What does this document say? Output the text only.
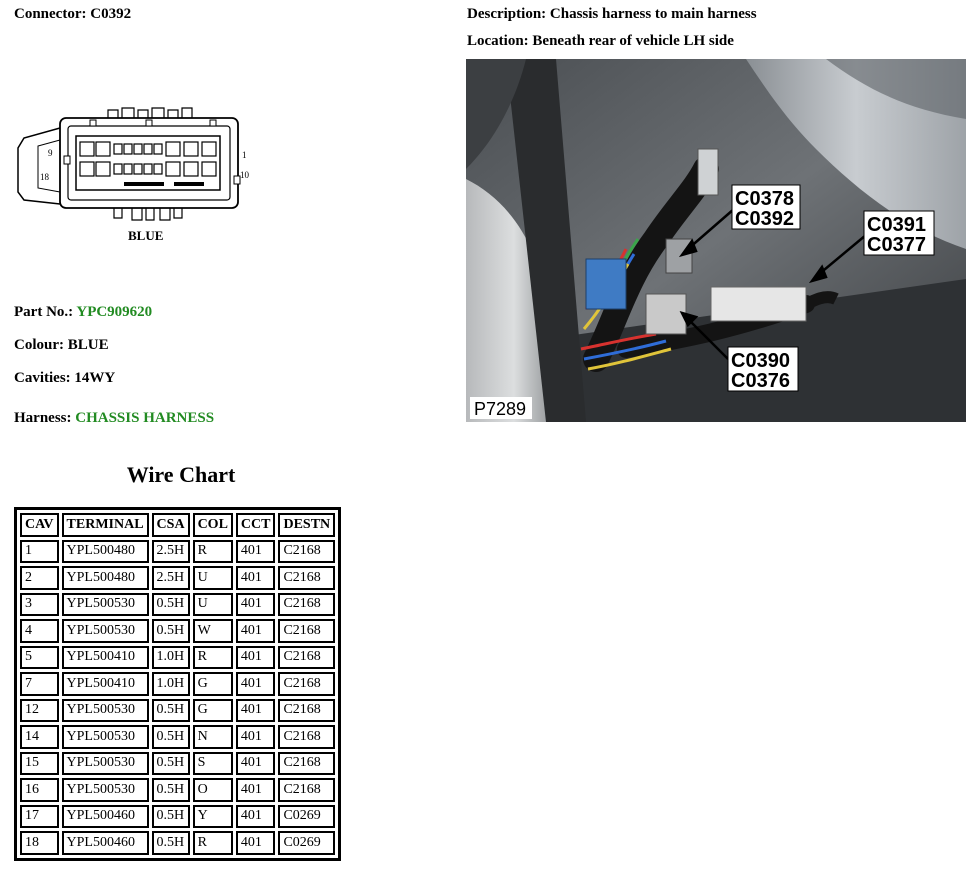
Connector: C0392	Description: Chassis harness to main harness
Location: Beneath rear of vehicle LH side
9
18
1
10
BLUE
Part No.: YPC909620
Colour: BLUE
Cavities: 14WY
Harness: CHASSIS HARNESS
C0378
C0392	C0391
C0377
C0390
C0376
P7289
Wire Chart
CAV	TERMINAL	CSA	COL	CCT	DESTN
1	YPL500480	2.5H	R	401	C2168
2	YPL500480	2.5H	U	401	C2168
3	YPL500530	0.5H	U	401	C2168
4	YPL500530	0.5H	W	401	C2168
5	YPL500410	1.0H	R	401	C2168
7	YPL500410	1.0H	G	401	C2168
12	YPL500530	0.5H	G	401	C2168
14	YPL500530	0.5H	N	401	C2168
15	YPL500530	0.5H	S	401	C2168
16	YPL500530	0.5H	O	401	C2168
17	YPL500460	0.5H	Y	401	C0269
18	YPL500460	0.5H	R	401	C0269
